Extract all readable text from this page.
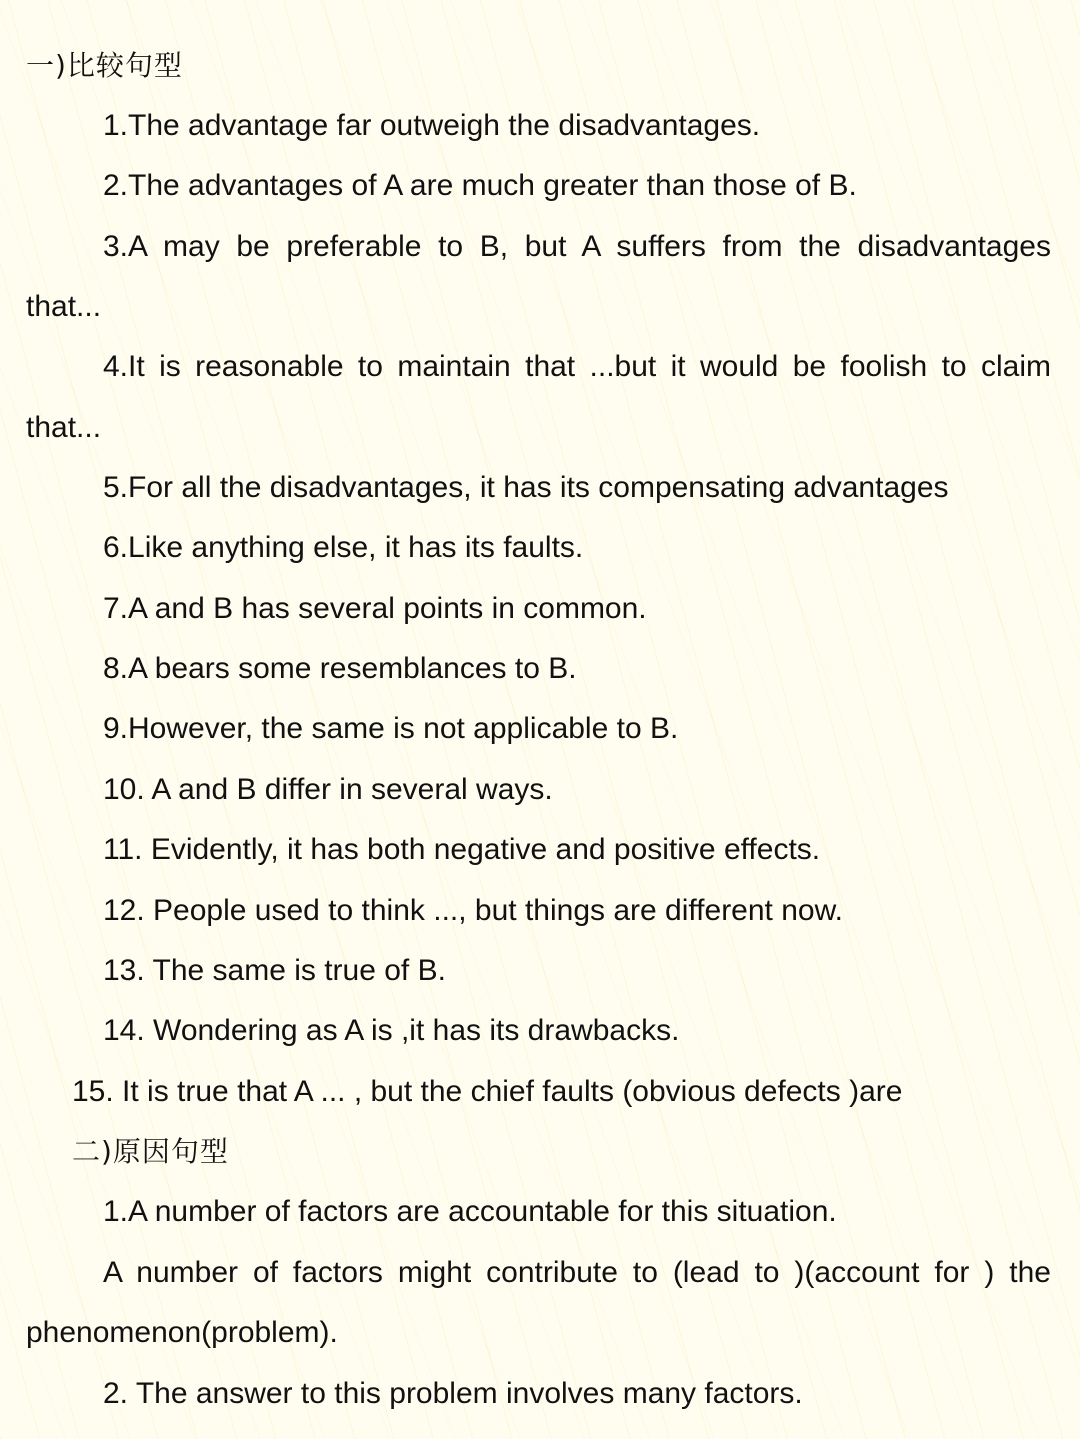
一)比较句型

1.The advantage far outweigh the disadvantages.

2.The advantages of A are much greater than those of B.

3.A may be preferable to B, but A suffers from the disadvantages

that...

4.It is reasonable to maintain that ...but it would be foolish to claim

that...

5.For all the disadvantages, it has its compensating advantages

6.Like anything else, it has its faults.

7.A and B has several points in common.

8.A bears some resemblances to B.

9.However, the same is not applicable to B.

10. A and B differ in several ways.

11. Evidently, it has both negative and positive effects.

12. People used to think ..., but things are different now.

13. The same is true of B.

14. Wondering as A is ,it has its drawbacks.

15. It is true that A ... , but the chief faults (obvious defects )are

二)原因句型

1.A number of factors are accountable for this situation.

A number of factors might contribute to (lead to )(account for ) the

phenomenon(problem).

2. The answer to this problem involves many factors.
